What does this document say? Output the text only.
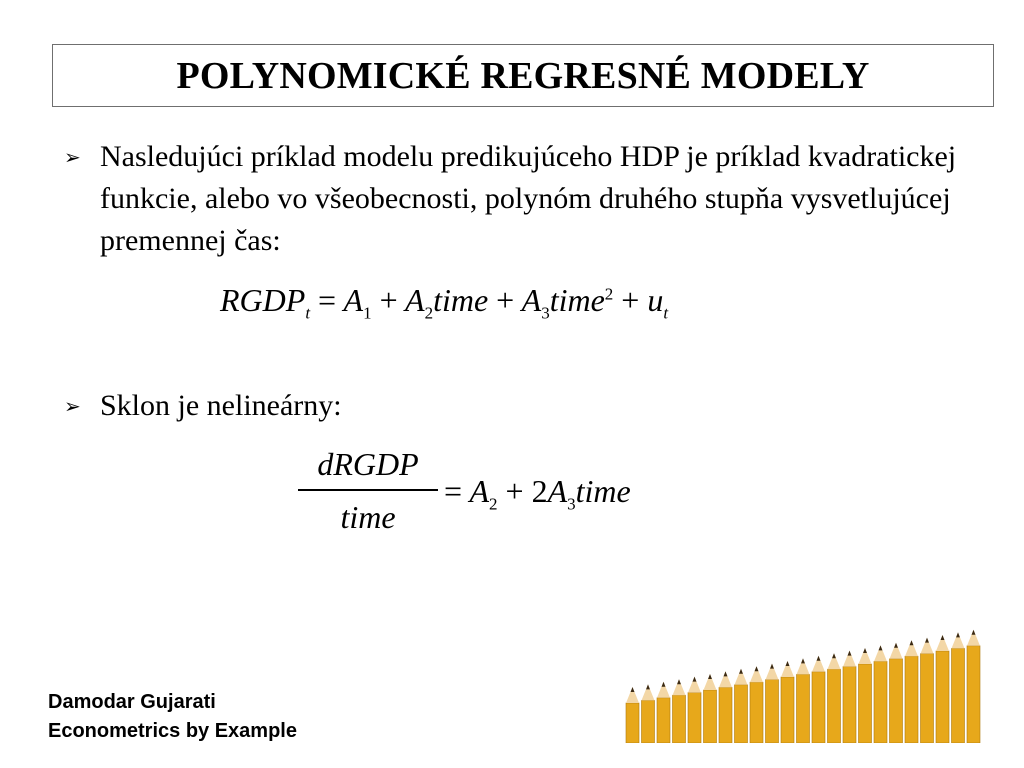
POLYNOMICKÉ REGRESNÉ MODELY
➢ Nasledujúci príklad modelu predikujúceho HDP je príklad kvadratickej funkcie, alebo vo všeobecnosti, polynóm druhého stupňa vysvetlujúcej premennej čas:
$RGDP_t = A_1$ + $A_2time$ + $A_3time^2 + u_t$
➢ Sklon je nelineárny:
dRGDP
time
= $A_2$ + $2A_3time$
Damodar Gujarati
Econometrics by Example
